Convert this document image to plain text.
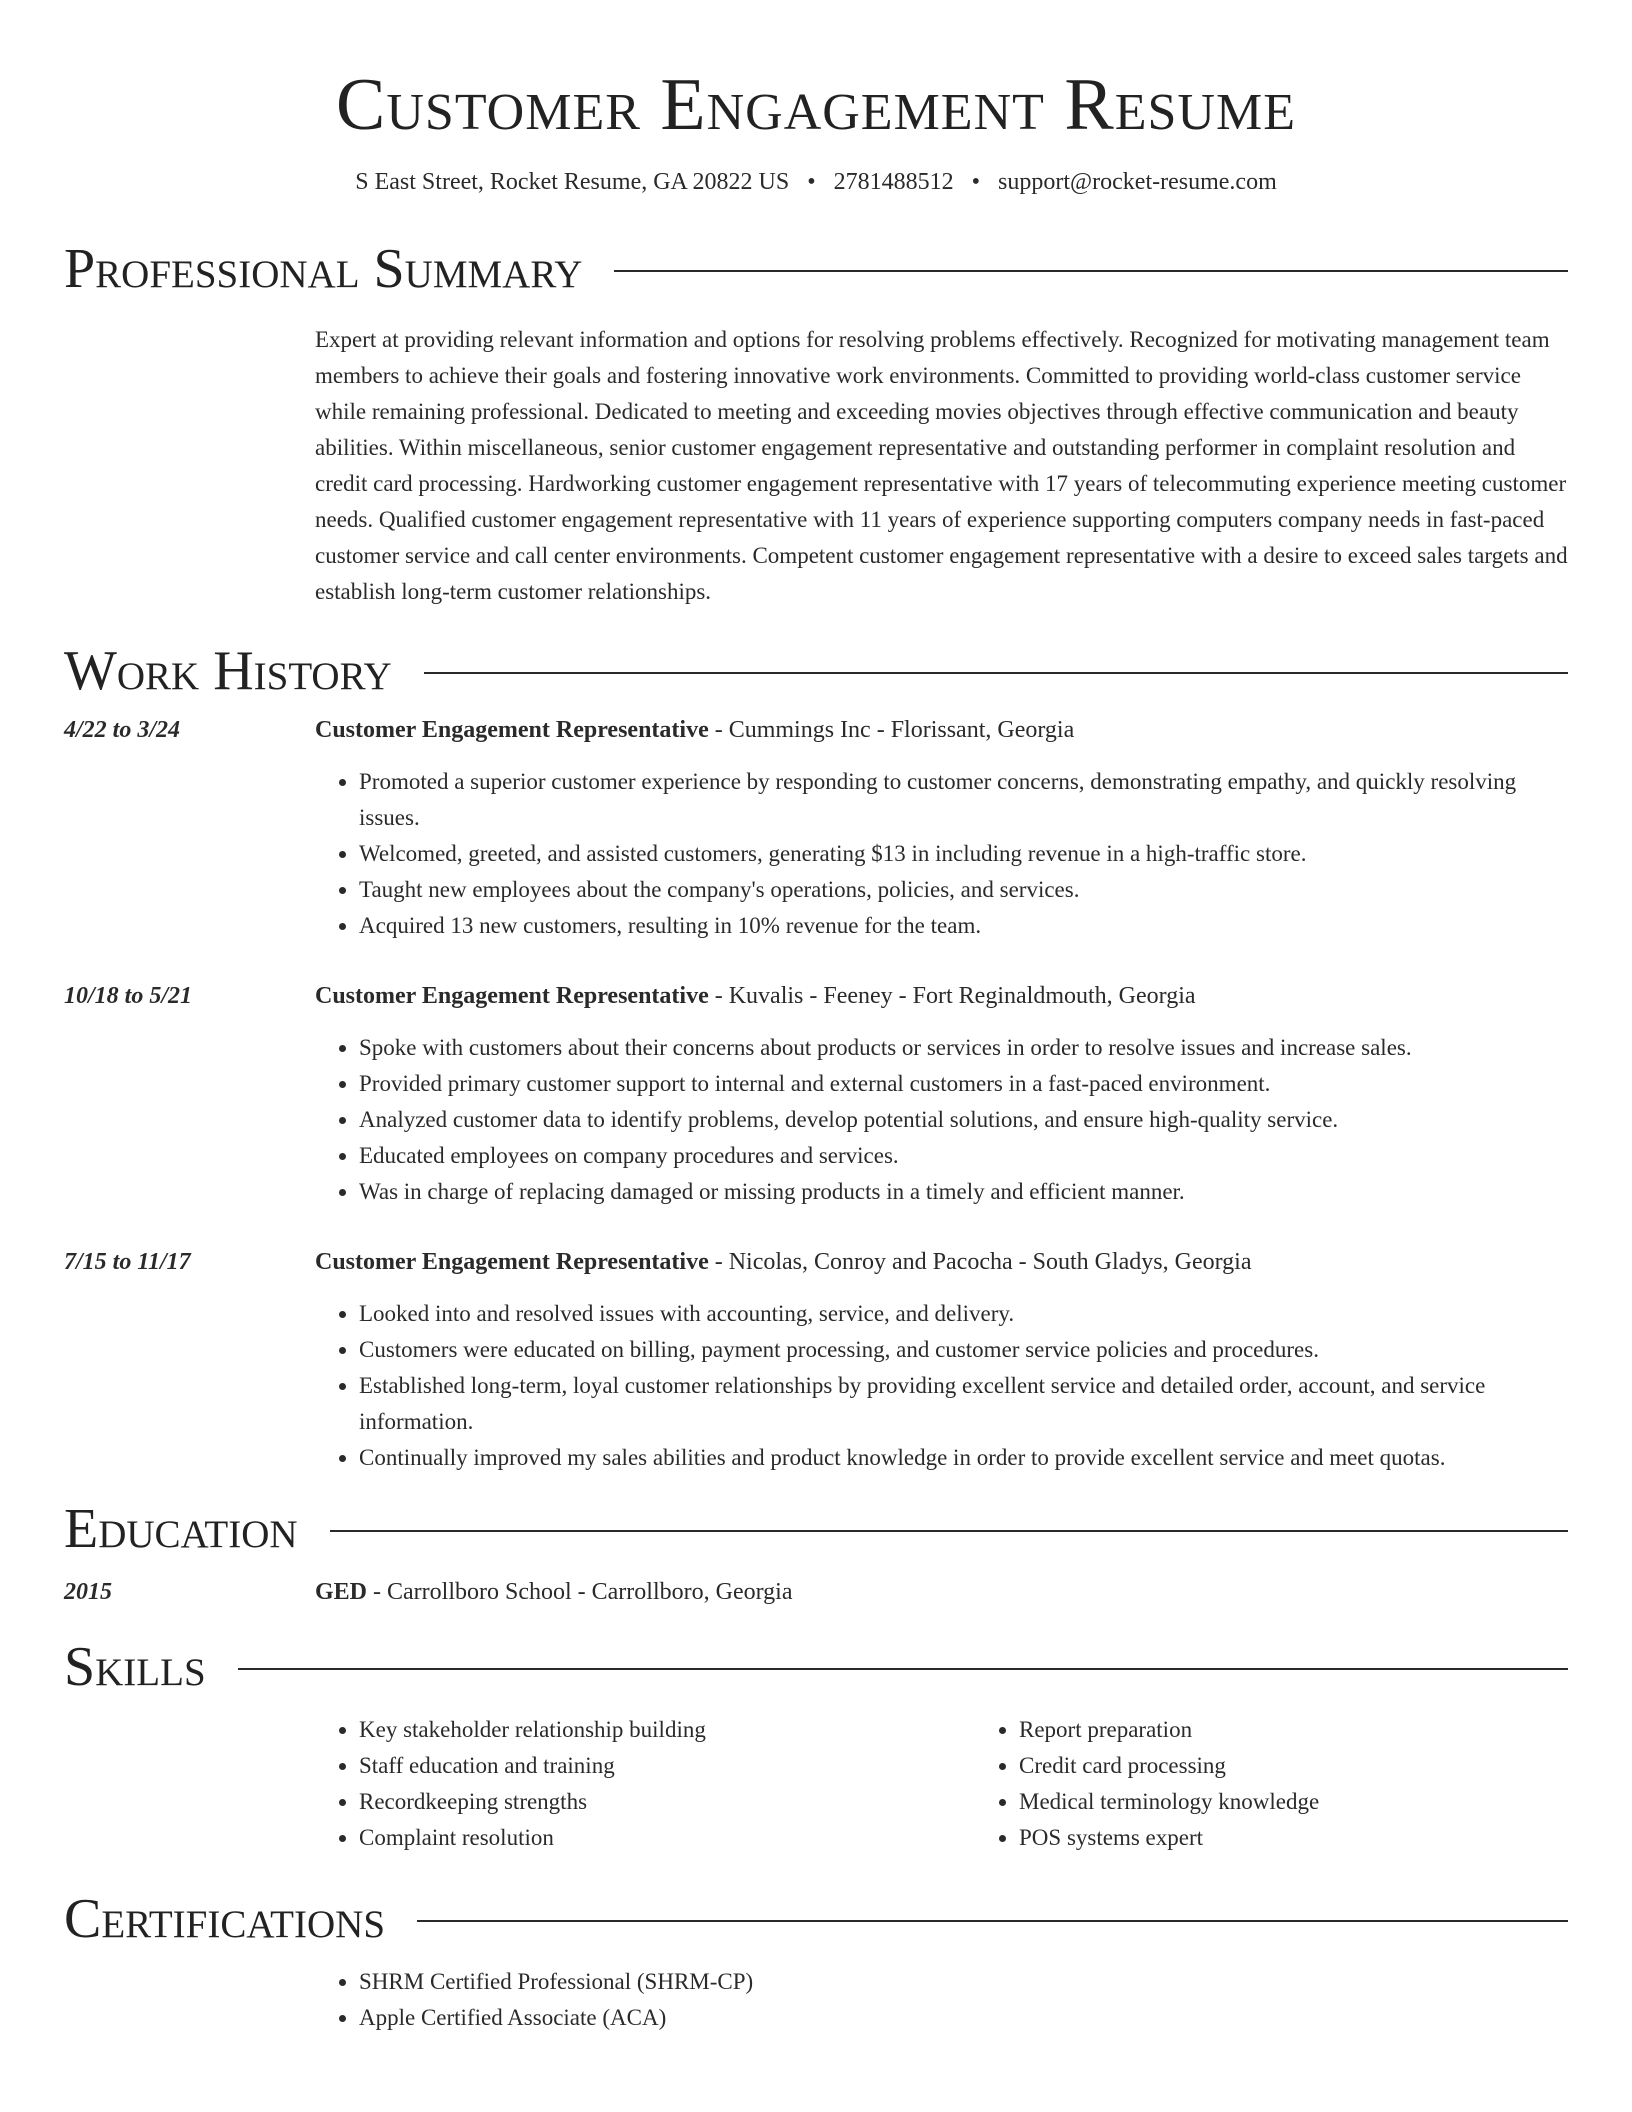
Customer Engagement Resume
S East Street, Rocket Resume, GA 20822 US • 2781488512 • support@rocket-resume.com
Professional Summary

Expert at providing relevant information and options for resolving problems effectively. Recognized for motivating management team members to achieve their goals and fostering innovative work environments. Committed to providing world-class customer service while remaining professional. Dedicated to meeting and exceeding movies objectives through effective communication and beauty abilities. Within miscellaneous, senior customer engagement representative and outstanding performer in complaint resolution and credit card processing. Hardworking customer engagement representative with 17 years of telecommuting experience meeting customer needs. Qualified customer engagement representative with 11 years of experience supporting computers company needs in fast-paced customer service and call center environments. Competent customer engagement representative with a desire to exceed sales targets and establish long-term customer relationships.

Work History
4/22 to 3/24	Customer Engagement Representative - Cummings Inc - Florissant, Georgia
• Promoted a superior customer experience by responding to customer concerns, demonstrating empathy, and quickly resolving issues.
• Welcomed, greeted, and assisted customers, generating $13 in including revenue in a high-traffic store.
• Taught new employees about the company's operations, policies, and services.
• Acquired 13 new customers, resulting in 10% revenue for the team.
10/18 to 5/21	Customer Engagement Representative - Kuvalis - Feeney - Fort Reginaldmouth, Georgia
• Spoke with customers about their concerns about products or services in order to resolve issues and increase sales.
• Provided primary customer support to internal and external customers in a fast-paced environment.
• Analyzed customer data to identify problems, develop potential solutions, and ensure high-quality service.
• Educated employees on company procedures and services.
• Was in charge of replacing damaged or missing products in a timely and efficient manner.
7/15 to 11/17	Customer Engagement Representative - Nicolas, Conroy and Pacocha - South Gladys, Georgia
• Looked into and resolved issues with accounting, service, and delivery.
• Customers were educated on billing, payment processing, and customer service policies and procedures.
• Established long-term, loyal customer relationships by providing excellent service and detailed order, account, and service information.
• Continually improved my sales abilities and product knowledge in order to provide excellent service and meet quotas.
Education
2015	GED - Carrollboro School - Carrollboro, Georgia
Skills
• Key stakeholder relationship building
• Staff education and training
• Recordkeeping strengths
• Complaint resolution
• Report preparation
• Credit card processing
• Medical terminology knowledge
• POS systems expert
Certifications
• SHRM Certified Professional (SHRM-CP)
• Apple Certified Associate (ACA)
